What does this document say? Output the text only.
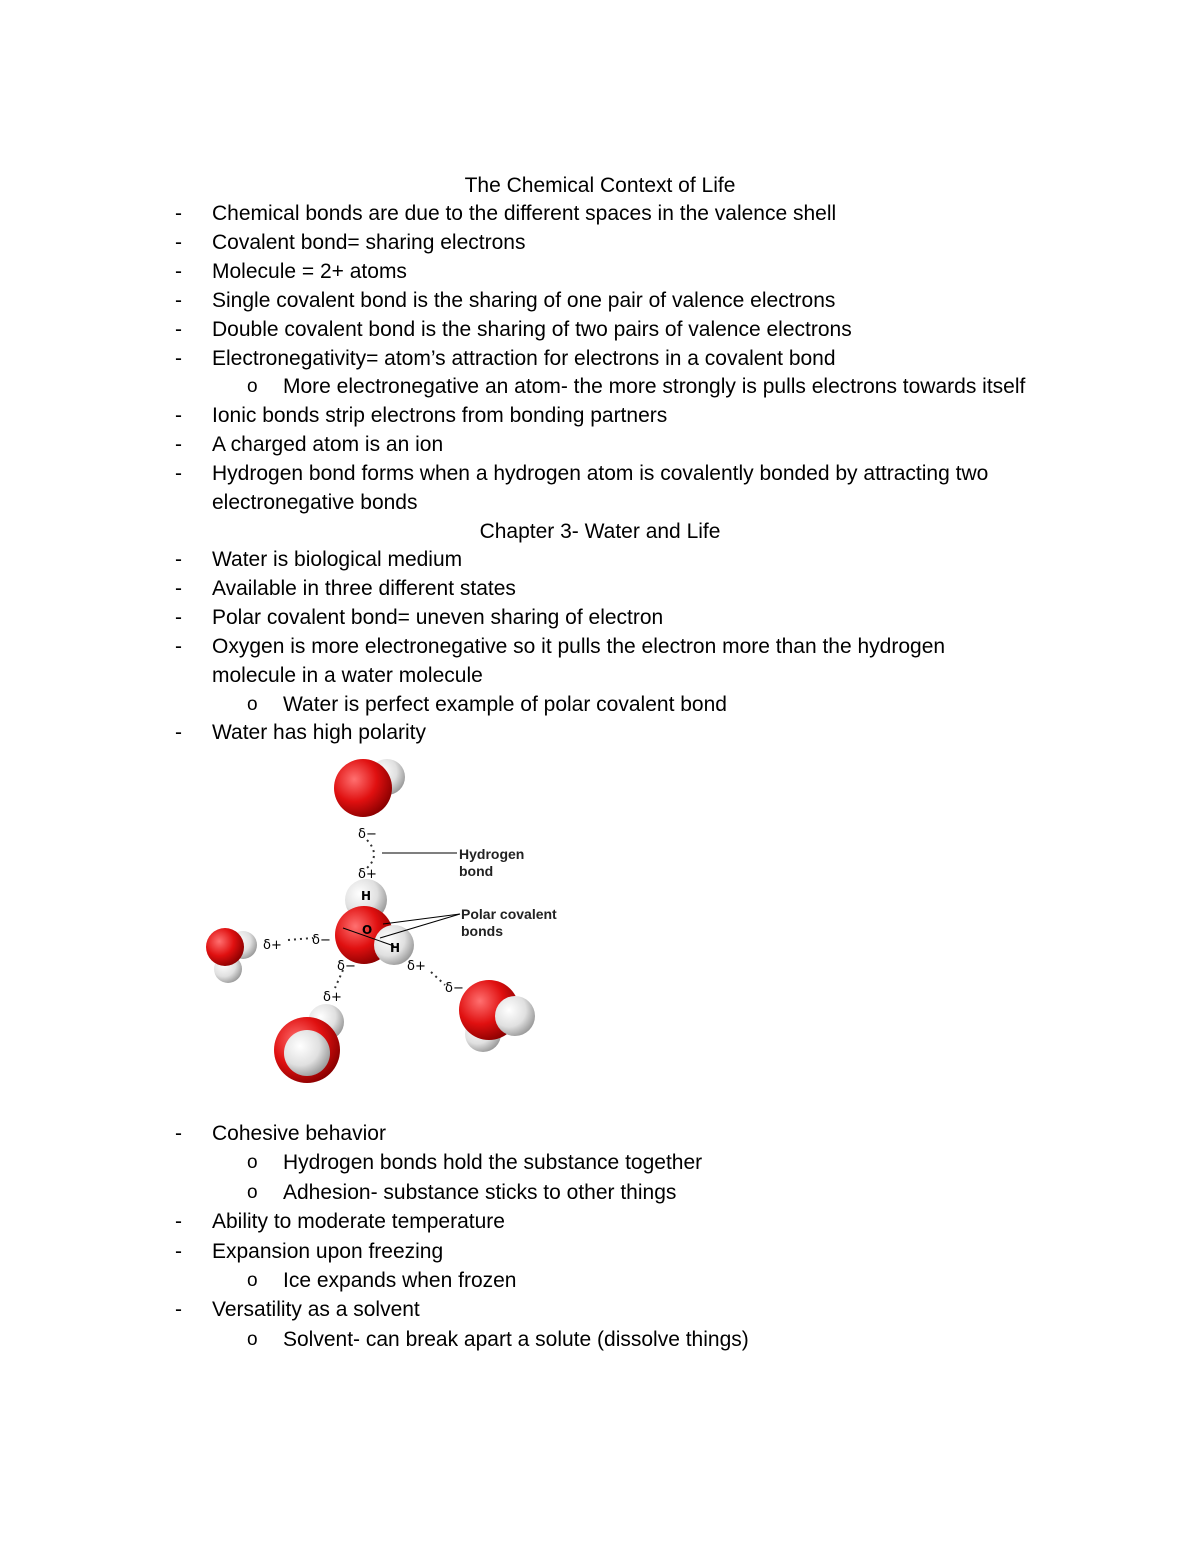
The Chemical Context of Life
- Chemical bonds are due to the different spaces in the valence shell
- Covalent bond= sharing electrons
- Molecule = 2+ atoms
- Single covalent bond is the sharing of one pair of valence electrons
- Double covalent bond is the sharing of two pairs of valence electrons
- Electronegativity= atom’s attraction for electrons in a covalent bond
o More electronegative an atom- the more strongly is pulls electrons towards itself
- Ionic bonds strip electrons from bonding partners
- A charged atom is an ion
- Hydrogen bond forms when a hydrogen atom is covalently bonded by attracting two
electronegative bonds
Chapter 3- Water and Life
- Water is biological medium
- Available in three different states
- Polar covalent bond= uneven sharing of electron
- Oxygen is more electronegative so it pulls the electron more than the hydrogen
molecule in a water molecule
o Water is perfect example of polar covalent bond
- Water has high polarity
δ−
δ+
δ+ δ−
δ−
δ+
δ+
δ−
H
O
H
Hydrogen
bond
Polar covalent
bonds
- Cohesive behavior
o Hydrogen bonds hold the substance together
o Adhesion- substance sticks to other things
- Ability to moderate temperature
- Expansion upon freezing
o Ice expands when frozen
- Versatility as a solvent
o Solvent- can break apart a solute (dissolve things)
